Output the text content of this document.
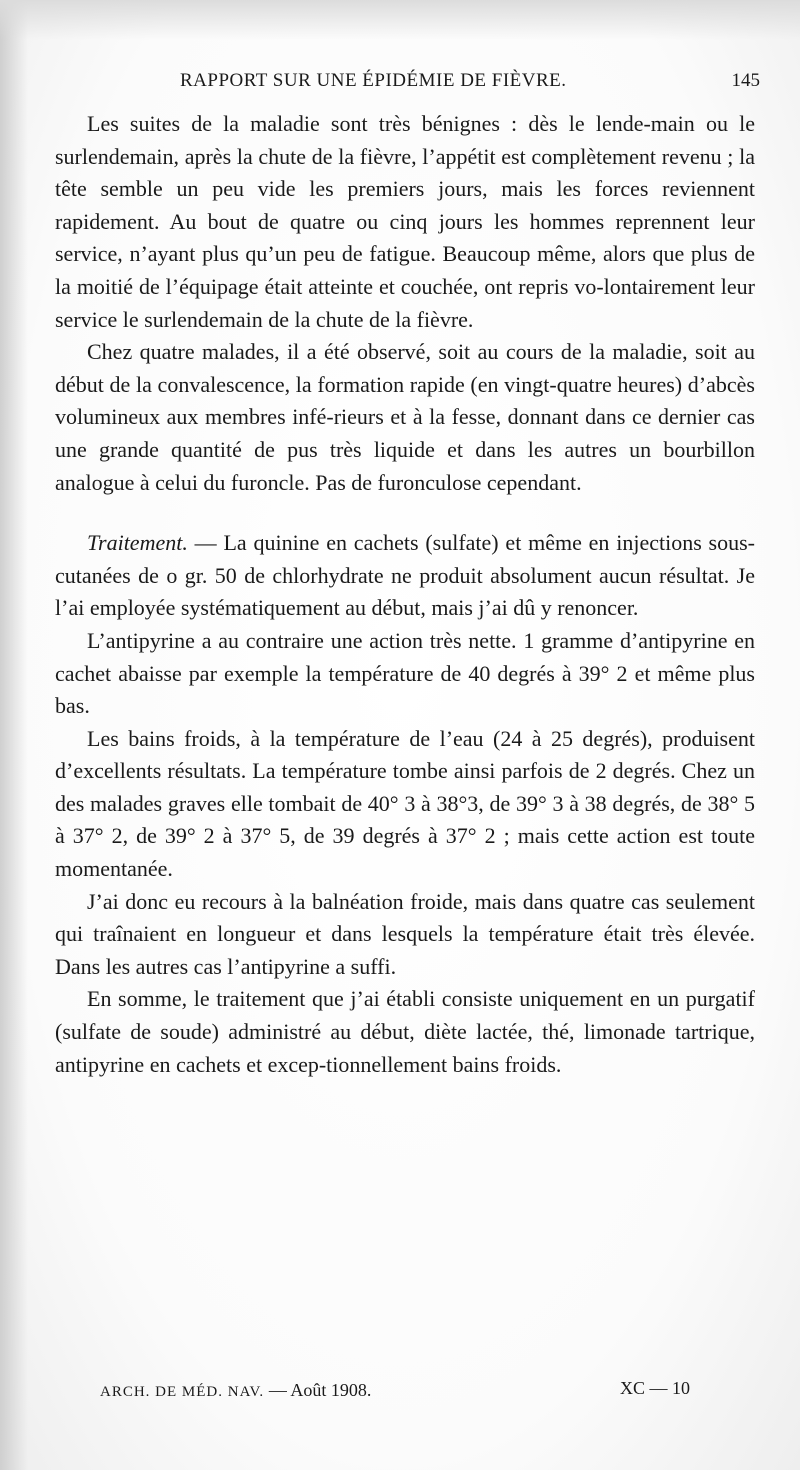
RAPPORT SUR UNE ÉPIDÉMIE DE FIÈVRE.	145

Les suites de la maladie sont très bénignes : dès le lende-main ou le surlendemain, après la chute de la fièvre, l’appétit est complètement revenu ; la tête semble un peu vide les premiers jours, mais les forces reviennent rapidement. Au bout de quatre ou cinq jours les hommes reprennent leur service, n’ayant plus qu’un peu de fatigue. Beaucoup même, alors que plus de la moitié de l’équipage était atteinte et couchée, ont repris vo-lontairement leur service le surlendemain de la chute de la fièvre.

Chez quatre malades, il a été observé, soit au cours de la maladie, soit au début de la convalescence, la formation rapide (en vingt-quatre heures) d’abcès volumineux aux membres infé-rieurs et à la fesse, donnant dans ce dernier cas une grande quantité de pus très liquide et dans les autres un bourbillon analogue à celui du furoncle. Pas de furonculose cependant.

Traitement. — La quinine en cachets (sulfate) et même en injections sous-cutanées de o gr. 50 de chlorhydrate ne produit absolument aucun résultat. Je l’ai employée systématiquement au début, mais j’ai dû y renoncer.

L’antipyrine a au contraire une action très nette. 1 gramme d’antipyrine en cachet abaisse par exemple la température de 40 degrés à 39° 2 et même plus bas.

Les bains froids, à la température de l’eau (24 à 25 degrés), produisent d’excellents résultats. La température tombe ainsi parfois de 2 degrés. Chez un des malades graves elle tombait de 40° 3 à 38°3, de 39° 3 à 38 degrés, de 38° 5 à 37° 2, de 39° 2 à 37° 5, de 39 degrés à 37° 2 ; mais cette action est toute momentanée.

J’ai donc eu recours à la balnéation froide, mais dans quatre cas seulement qui traînaient en longueur et dans lesquels la température était très élevée. Dans les autres cas l’antipyrine a suffi.

En somme, le traitement que j’ai établi consiste uniquement en un purgatif (sulfate de soude) administré au début, diète lactée, thé, limonade tartrique, antipyrine en cachets et excep-tionnellement bains froids.

ARCH. DE MÉD. NAV. — Août 1908.	XC — 10
